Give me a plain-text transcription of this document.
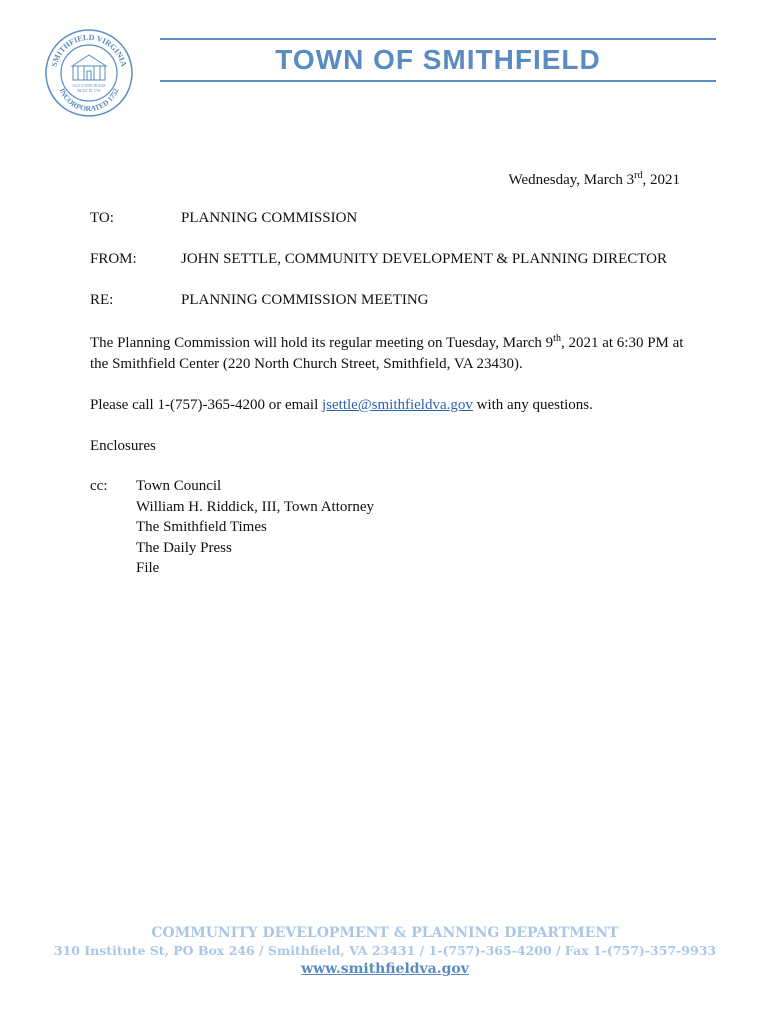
SMITHFIELD VIRGINIA
INCORPORATED 1752
OLD COURT HOUSE
BUILT IN 1750
TOWN OF SMITHFIELD
Wednesday, March 3rd, 2021
TO:	PLANNING COMMISSION
FROM:	JOHN SETTLE, COMMUNITY DEVELOPMENT & PLANNING DIRECTOR
RE:	PLANNING COMMISSION MEETING
The Planning Commission will hold its regular meeting on Tuesday, March 9th, 2021 at 6:30 PM at the Smithfield Center (220 North Church Street, Smithfield, VA 23430).
Please call 1-(757)-365-4200 or email jsettle@smithfieldva.gov with any questions.
Enclosures
cc: Town Council
William H. Riddick, III, Town Attorney
The Smithfield Times
The Daily Press
File
COMMUNITY DEVELOPMENT & PLANNING DEPARTMENT
310 Institute St, PO Box 246 / Smithfield, VA 23431 / 1-(757)-365-4200 / Fax 1-(757)-357-9933
www.smithfieldva.gov
